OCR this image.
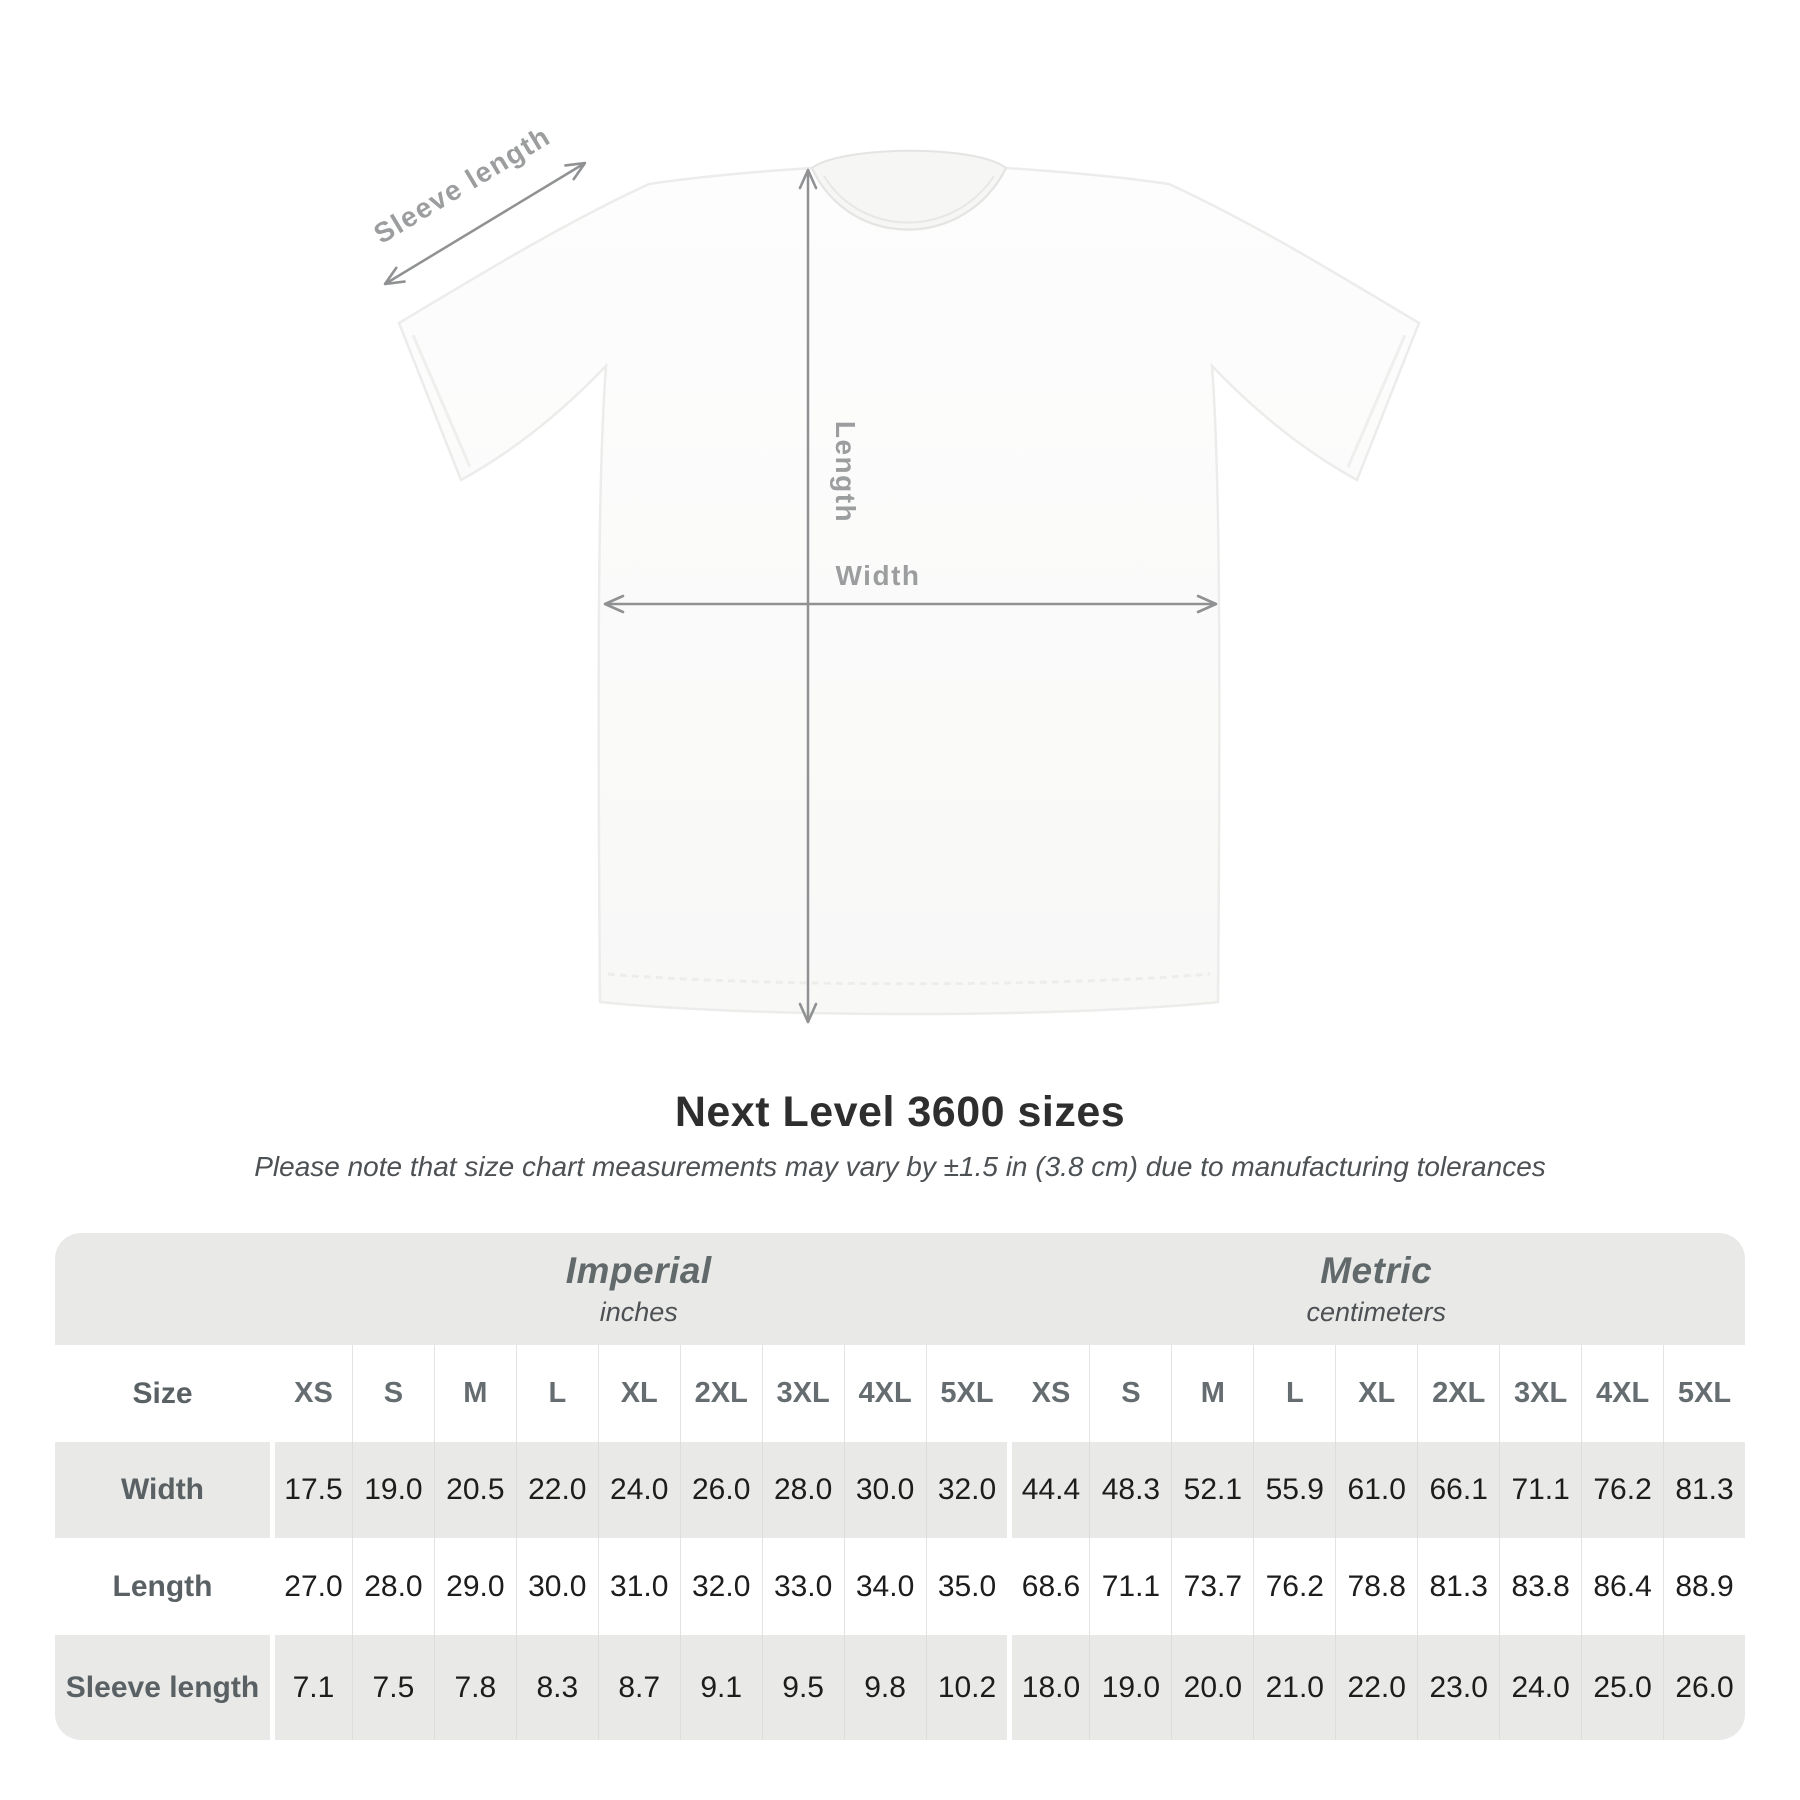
Sleeve length
Length
Width
Next Level 3600 sizes

Please note that size chart measurements may vary by ±1.5 in (3.8 cm) due to manufacturing tolerances

Imperial
inches
Metric
centimeters
Size	XS	S	M	L	XL	2XL 3XL 4XL 5XL	XS	S	M	L	XL	2XL 3XL 4XL 5XL
Width	17.5 19.0 20.5 22.0 24.0 26.0 28.0 30.0 32.0 44.4 48.3 52.1 55.9 61.0 66.1 71.1 76.2 81.3
Length	27.0 28.0 29.0 30.0 31.0 32.0 33.0 34.0 35.0 68.6 71.1 73.7 76.2 78.8 81.3 83.8 86.4 88.9
Sleeve length	7.1	7.5	7.8	8.3	8.7	9.1	9.5	9.8	10.2 18.0 19.0 20.0 21.0 22.0 23.0 24.0 25.0 26.0
